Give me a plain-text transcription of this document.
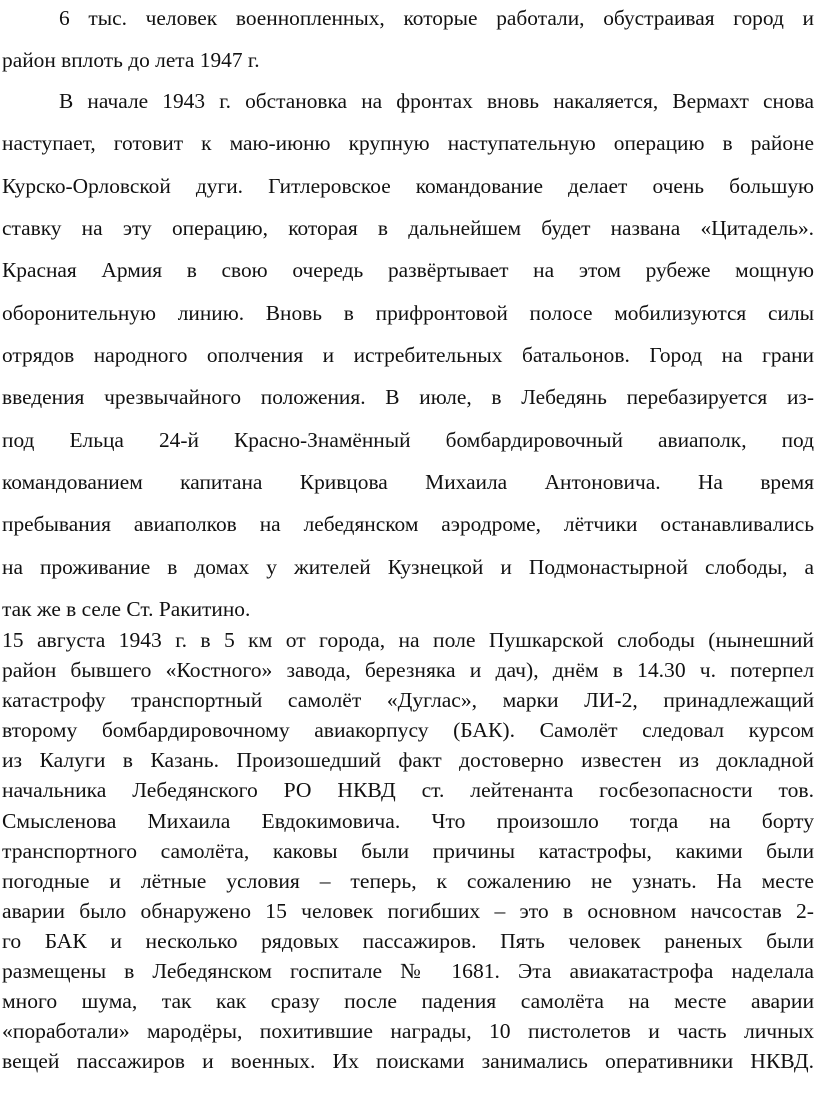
6 тыс. человек военнопленных, которые работали, обустраивая город и
район вплоть до лета 1947 г.
В начале 1943 г. обстановка на фронтах вновь накаляется, Вермахт снова
наступает, готовит к маю-июню крупную наступательную операцию в районе
Курско-Орловской дуги. Гитлеровское командование делает очень большую
ставку на эту операцию, которая в дальнейшем будет названа «Цитадель».
Красная Армия в свою очередь развёртывает на этом рубеже мощную
оборонительную линию. Вновь в прифронтовой полосе мобилизуются силы
отрядов народного ополчения и истребительных батальонов. Город на грани
введения чрезвычайного положения. В июле, в Лебедянь перебазируется из-
под Ельца 24-й Красно-Знамённый бомбардировочный авиаполк, под
командованием капитана Кривцова Михаила Антоновича. На время
пребывания авиаполков на лебедянском аэродроме, лётчики останавливались
на проживание в домах у жителей Кузнецкой и Подмонастырной слободы, а
так же в селе Ст. Ракитино.
15 августа 1943 г. в 5 км от города, на поле Пушкарской слободы (нынешний
район бывшего «Костного» завода, березняка и дач), днём в 14.30 ч. потерпел
катастрофу транспортный самолёт «Дуглас», марки ЛИ-2, принадлежащий
второму бомбардировочному авиакорпусу (БАК). Самолёт следовал курсом
из Калуги в Казань. Произошедший факт достоверно известен из докладной
начальника Лебедянского РО НКВД ст. лейтенанта госбезопасности тов.
Смысленова Михаила Евдокимовича. Что произошло тогда на борту
транспортного самолёта, каковы были причины катастрофы, какими были
погодные и лётные условия – теперь, к сожалению не узнать. На месте
аварии было обнаружено 15 человек погибших – это в основном начсостав 2-
го БАК и несколько рядовых пассажиров. Пять человек раненых были
размещены в Лебедянском госпитале № 1681. Эта авиакатастрофа наделала
много шума, так как сразу после падения самолёта на месте аварии
«поработали» мародёры, похитившие награды, 10 пистолетов и часть личных
вещей пассажиров и военных. Их поисками занимались оперативники НКВД.
